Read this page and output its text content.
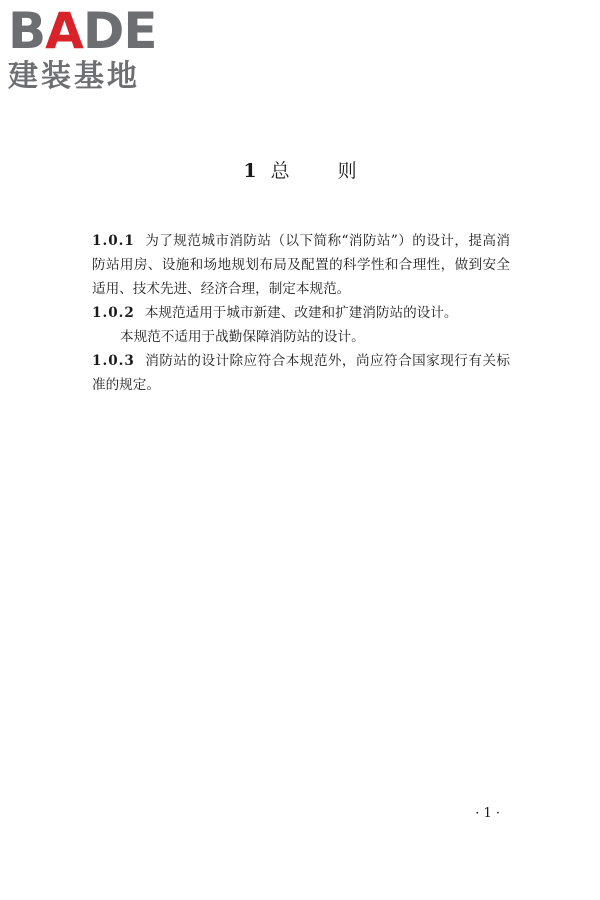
BADE
建装基地
1 总	则

1.0.1 为了规范城市消防站（以下简称“消防站”）的设计，提高消防站用房、设施和场地规划布局及配置的科学性和合理性，做到安全适用、技术先进、经济合理，制定本规范。

1.0.2 本规范适用于城市新建、改建和扩建消防站的设计。

本规范不适用于战勤保障消防站的设计。

1.0.3 消防站的设计除应符合本规范外，尚应符合国家现行有关标准的规定。

· 1 ·
